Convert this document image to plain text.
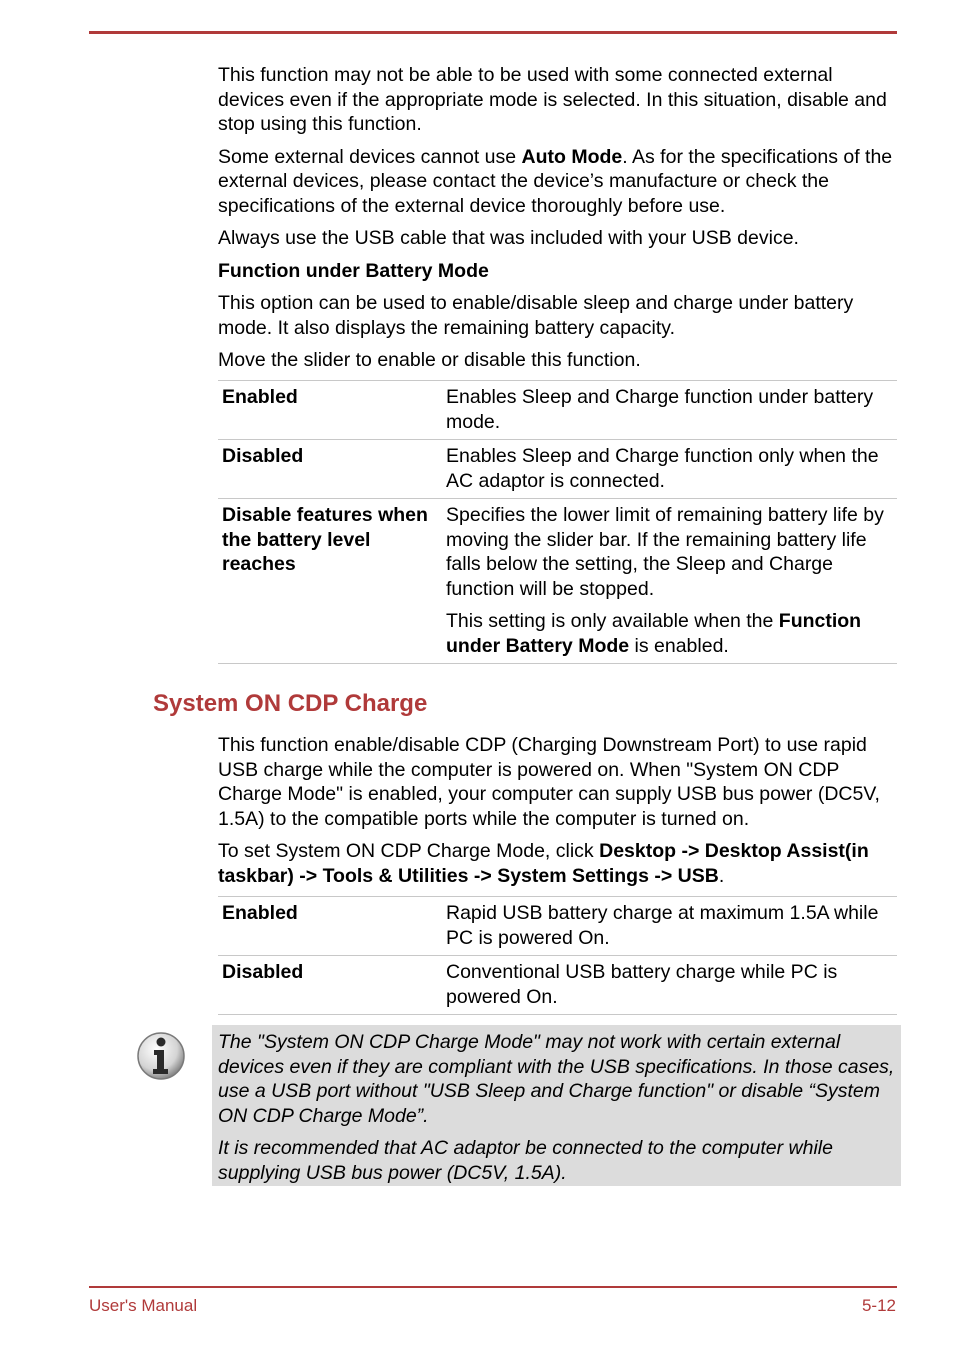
This function may not be able to be used with some connected external devices even if the appropriate mode is selected. In this situation, disable and stop using this function.

Some external devices cannot use Auto Mode. As for the specifications of the external devices, please contact the device’s manufacture or check the specifications of the external device thoroughly before use.

Always use the USB cable that was included with your USB device.

Function under Battery Mode

This option can be used to enable/disable sleep and charge under battery mode. It also displays the remaining battery capacity.

Move the slider to enable or disable this function.

Enabled	Enables Sleep and Charge function under battery mode.
Disabled	Enables Sleep and Charge function only when the AC adaptor is connected.
Disable features when the battery level reaches	Specifies the lower limit of remaining battery life by moving the slider bar. If the remaining battery life falls below the setting, the Sleep and Charge function will be stopped.

This setting is only available when the Function under Battery Mode is enabled.

System ON CDP Charge

This function enable/disable CDP (Charging Downstream Port) to use rapid USB charge while the computer is powered on. When "System ON CDP Charge Mode" is enabled, your computer can supply USB bus power (DC5V, 1.5A) to the compatible ports while the computer is turned on.

To set System ON CDP Charge Mode, click Desktop -> Desktop Assist(in taskbar) -> Tools & Utilities -> System Settings -> USB.

Enabled	Rapid USB battery charge at maximum 1.5A while PC is powered On.
Disabled	Conventional USB battery charge while PC is powered On.

The "System ON CDP Charge Mode" may not work with certain external devices even if they are compliant with the USB specifications. In those cases, use a USB port without "USB Sleep and Charge function" or disable “System ON CDP Charge Mode”.

It is recommended that AC adaptor be connected to the computer while supplying USB bus power (DC5V, 1.5A).

User's Manual	5-12
